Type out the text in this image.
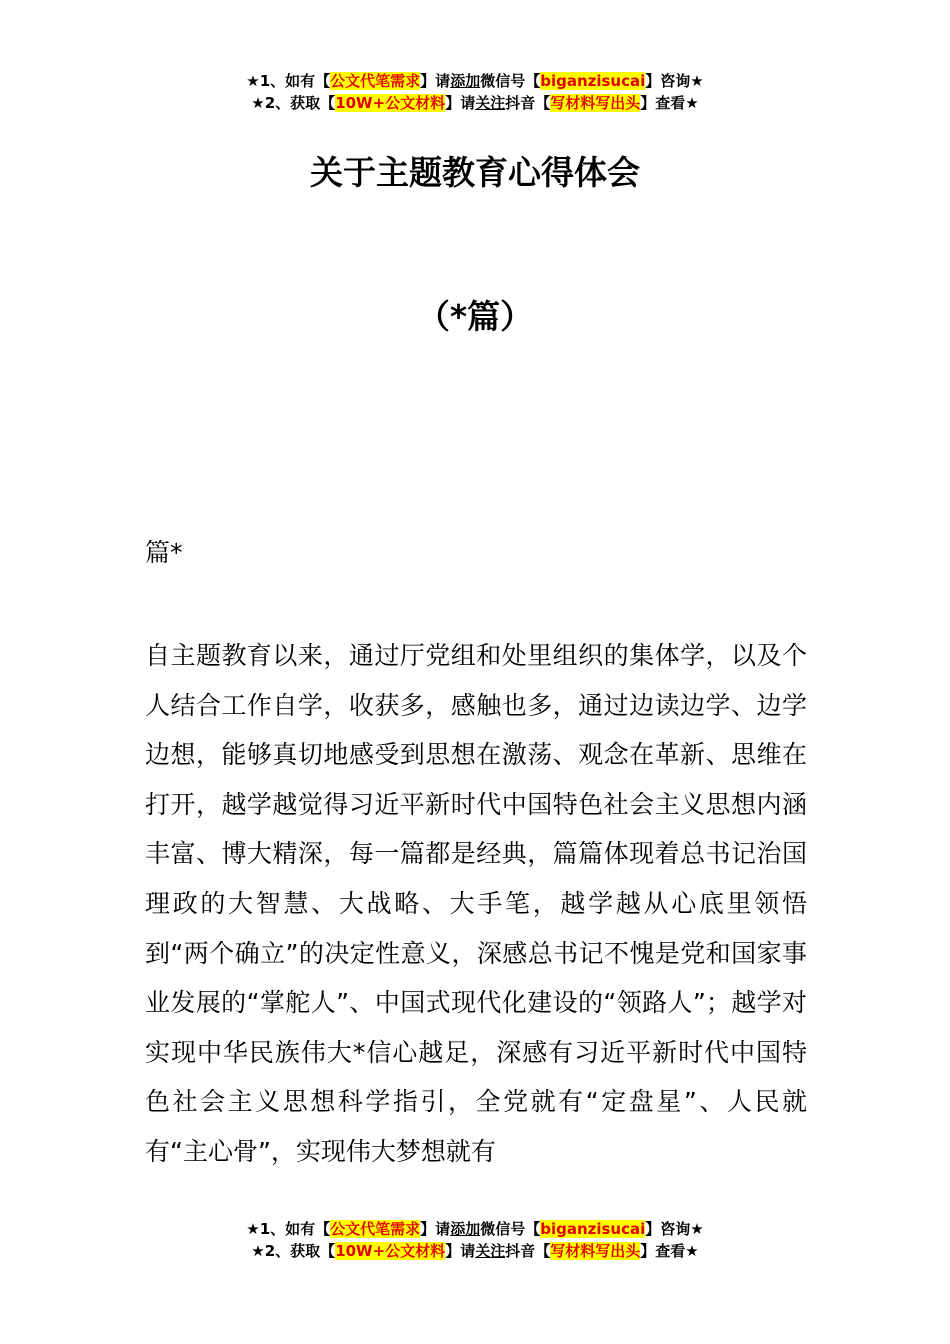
★1、如有【公文代笔需求】请添加微信号【biganzisucai】咨询★
★2、获取【10W+公文材料】请关注抖音【写材料写出头】查看★
关于主题教育心得体会
（*篇）
篇*

自主题教育以来，通过厅党组和处里组织的集体学，以及个人结合工作自学，收获多，感触也多，通过边读边学、边学边想，能够真切地感受到思想在激荡、观念在革新、思维在打开，越学越觉得习近平新时代中国特色社会主义思想内涵丰富、博大精深，每一篇都是经典，篇篇体现着总书记治国理政的大智慧、大战略、大手笔，越学越从心底里领悟到“两个确立”的决定性意义，深感总书记不愧是党和国家事业发展的“掌舵人”、中国式现代化建设的“领路人”；越学对实现中华民族伟大*信心越足，深感有习近平新时代中国特色社会主义思想科学指引，全党就有“定盘星”、人民就有“主心骨”，实现伟大梦想就有

★1、如有【公文代笔需求】请添加微信号【biganzisucai】咨询★
★2、获取【10W+公文材料】请关注抖音【写材料写出头】查看★
